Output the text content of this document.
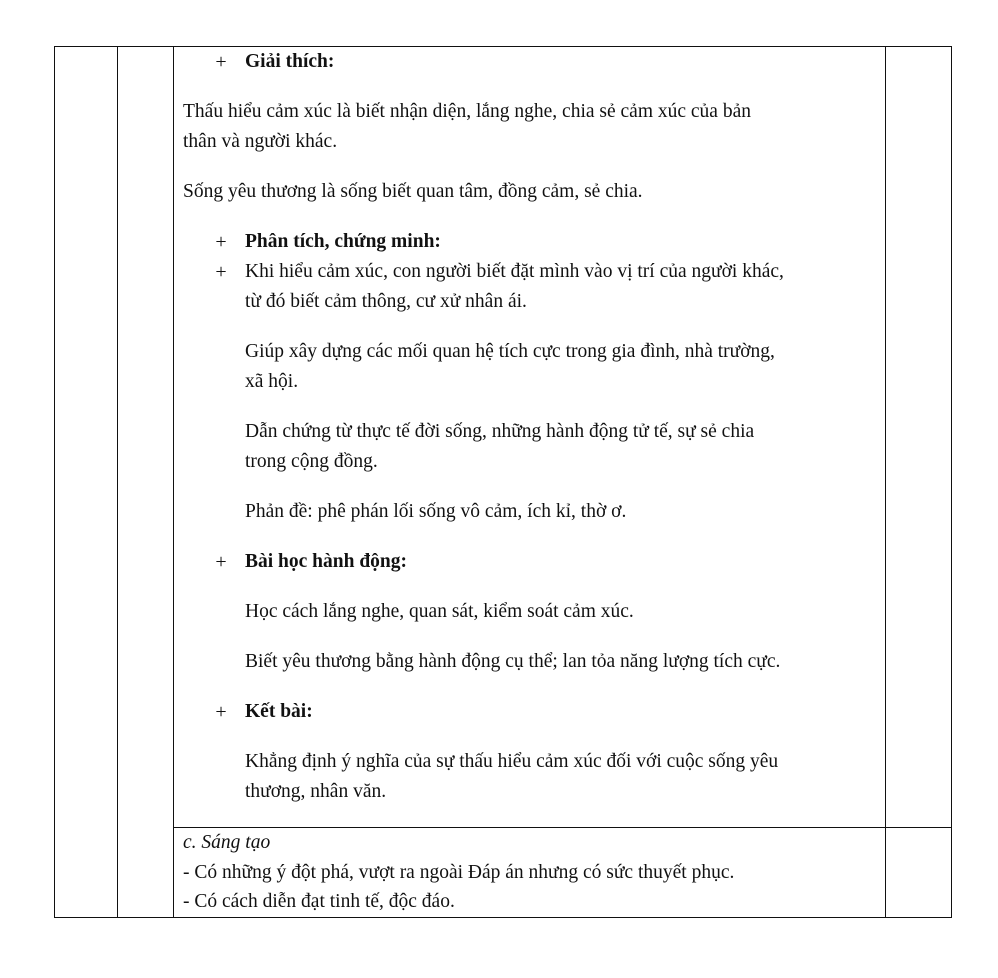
+ Giải thích:
Thấu hiểu cảm xúc là biết nhận diện, lắng nghe, chia sẻ cảm xúc của bản
thân và người khác.
Sống yêu thương là sống biết quan tâm, đồng cảm, sẻ chia.
+ Phân tích, chứng minh:
+ Khi hiểu cảm xúc, con người biết đặt mình vào vị trí của người khác,
từ đó biết cảm thông, cư xử nhân ái.
Giúp xây dựng các mối quan hệ tích cực trong gia đình, nhà trường,
xã hội.
Dẫn chứng từ thực tế đời sống, những hành động tử tế, sự sẻ chia
trong cộng đồng.
Phản đề: phê phán lối sống vô cảm, ích kỉ, thờ ơ.
+ Bài học hành động:
Học cách lắng nghe, quan sát, kiểm soát cảm xúc.
Biết yêu thương bằng hành động cụ thể; lan tỏa năng lượng tích cực.
+ Kết bài:
Khẳng định ý nghĩa của sự thấu hiểu cảm xúc đối với cuộc sống yêu
thương, nhân văn.
c. Sáng tạo
- Có những ý đột phá, vượt ra ngoài Đáp án nhưng có sức thuyết phục.
- Có cách diễn đạt tinh tế, độc đáo.
